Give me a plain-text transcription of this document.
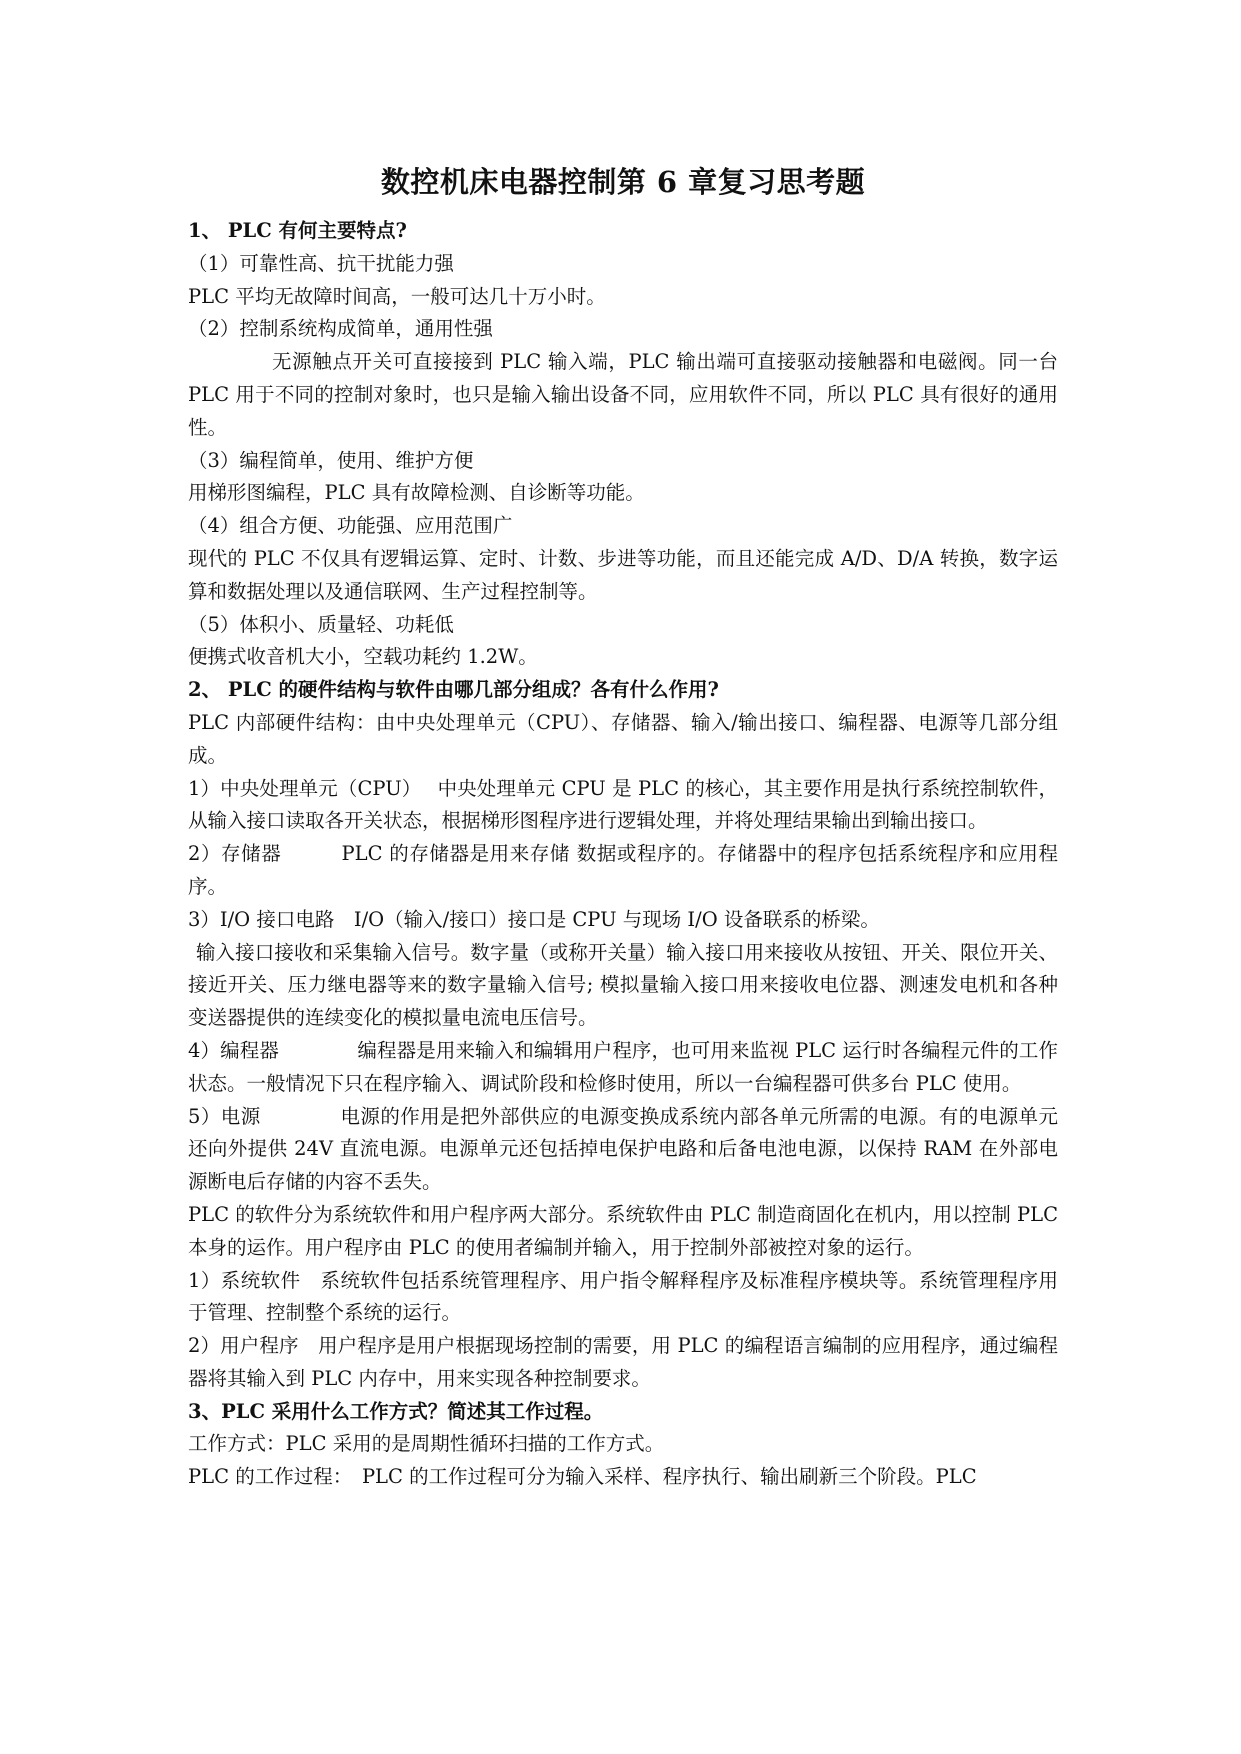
数控机床电器控制第 6 章复习思考题

1、 PLC 有何主要特点?

（1）可靠性高、抗干扰能力强

PLC 平均无故障时间高，一般可达几十万小时。

（2）控制系统构成简单，通用性强

无源触点开关可直接接到 PLC 输入端，PLC 输出端可直接驱动接触器和电磁阀。同一台 PLC 用于不同的控制对象时，也只是输入输出设备不同，应用软件不同，所以 PLC 具有很好的通用性。

（3）编程简单，使用、维护方便

用梯形图编程，PLC 具有故障检测、自诊断等功能。

（4）组合方便、功能强、应用范围广

现代的 PLC 不仅具有逻辑运算、定时、计数、步进等功能，而且还能完成 A/D、D/A 转换，数字运算和数据处理以及通信联网、生产过程控制等。

（5）体积小、质量轻、功耗低

便携式收音机大小，空载功耗约 1.2W。

2、 PLC 的硬件结构与软件由哪几部分组成？各有什么作用?

PLC 内部硬件结构：由中央处理单元（CPU）、存储器、输入/输出接口、编程器、电源等几部分组成。

1）中央处理单元（CPU）　 中央处理单元 CPU 是 PLC 的核心，其主要作用是执行系统控制软件，从输入接口读取各开关状态，根据梯形图程序进行逻辑处理，并将处理结果输出到输出接口。

2）存储器　　　PLC 的存储器是用来存储 数据或程序的。存储器中的程序包括系统程序和应用程序。

3）I/O 接口电路　I/O（输入/接口）接口是 CPU 与现场 I/O 设备联系的桥梁。

输入接口接收和采集输入信号。数字量（或称开关量）输入接口用来接收从按钮、开关、限位开关、接近开关、压力继电器等来的数字量输入信号; 模拟量输入接口用来接收电位器、测速发电机和各种变送器提供的连续变化的模拟量电流电压信号。

4）编程器　　　　编程器是用来输入和编辑用户程序，也可用来监视 PLC 运行时各编程元件的工作状态。一般情况下只在程序输入、调试阶段和检修时使用，所以一台编程器可供多台 PLC 使用。

5）电源　　　　电源的作用是把外部供应的电源变换成系统内部各单元所需的电源。有的电源单元还向外提供 24V 直流电源。电源单元还包括掉电保护电路和后备电池电源，以保持 RAM 在外部电源断电后存储的内容不丢失。

PLC 的软件分为系统软件和用户程序两大部分。系统软件由 PLC 制造商固化在机内，用以控制 PLC 本身的运作。用户程序由 PLC 的使用者编制并输入，用于控制外部被控对象的运行。

1）系统软件　系统软件包括系统管理程序、用户指令解释程序及标准程序模块等。系统管理程序用于管理、控制整个系统的运行。

2）用户程序　用户程序是用户根据现场控制的需要，用 PLC 的编程语言编制的应用程序，通过编程器将其输入到 PLC 内存中，用来实现各种控制要求。

3、PLC 采用什么工作方式？简述其工作过程。

工作方式：PLC 采用的是周期性循环扫描的工作方式。

PLC 的工作过程：　PLC 的工作过程可分为输入采样、程序执行、输出刷新三个阶段。PLC
